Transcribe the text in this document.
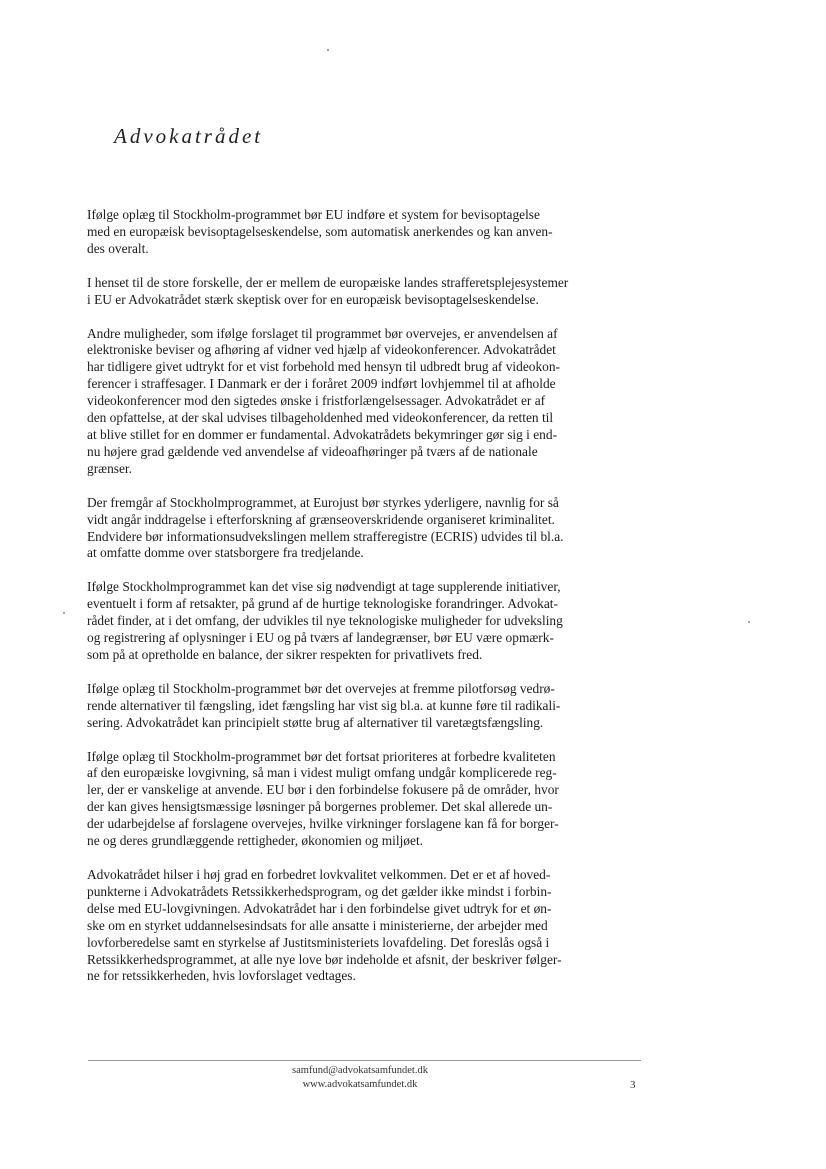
Advokatrådet

Ifølge oplæg til Stockholm-programmet bør EU indføre et system for bevisoptagelse
med en europæisk bevisoptagelseskendelse, som automatisk anerkendes og kan anven-
des overalt.

I henset til de store forskelle, der er mellem de europæiske landes strafferetsplejesystemer
i EU er Advokatrådet stærk skeptisk over for en europæisk bevisoptagelseskendelse.

Andre muligheder, som ifølge forslaget til programmet bør overvejes, er anvendelsen af
elektroniske beviser og afhøring af vidner ved hjælp af videokonferencer. Advokatrådet
har tidligere givet udtrykt for et vist forbehold med hensyn til udbredt brug af videokon-
ferencer i straffesager. I Danmark er der i foråret 2009 indført lovhjemmel til at afholde
videokonferencer mod den sigtedes ønske i fristforlængelsessager. Advokatrådet er af
den opfattelse, at der skal udvises tilbageholdenhed med videokonferencer, da retten til
at blive stillet for en dommer er fundamental. Advokatrådets bekymringer gør sig i end-
nu højere grad gældende ved anvendelse af videoafhøringer på tværs af de nationale
grænser.

Der fremgår af Stockholmprogrammet, at Eurojust bør styrkes yderligere, navnlig for så
vidt angår inddragelse i efterforskning af grænseoverskridende organiseret kriminalitet.
Endvidere bør informationsudvekslingen mellem strafferegistre (ECRIS) udvides til bl.a.
at omfatte domme over statsborgere fra tredjelande.

Ifølge Stockholmprogrammet kan det vise sig nødvendigt at tage supplerende initiativer,
eventuelt i form af retsakter, på grund af de hurtige teknologiske forandringer. Advokat-
rådet finder, at i det omfang, der udvikles til nye teknologiske muligheder for udveksling
og registrering af oplysninger i EU og på tværs af landegrænser, bør EU være opmærk-
som på at opretholde en balance, der sikrer respekten for privatlivets fred.

Ifølge oplæg til Stockholm-programmet bør det overvejes at fremme pilotforsøg vedrø-
rende alternativer til fængsling, idet fængsling har vist sig bl.a. at kunne føre til radikali-
sering. Advokatrådet kan principielt støtte brug af alternativer til varetægtsfængsling.

Ifølge oplæg til Stockholm-programmet bør det fortsat prioriteres at forbedre kvaliteten
af den europæiske lovgivning, så man i videst muligt omfang undgår komplicerede reg-
ler, der er vanskelige at anvende. EU bør i den forbindelse fokusere på de områder, hvor
der kan gives hensigtsmæssige løsninger på borgernes problemer. Det skal allerede un-
der udarbejdelse af forslagene overvejes, hvilke virkninger forslagene kan få for borger-
ne og deres grundlæggende rettigheder, økonomien og miljøet.

Advokatrådet hilser i høj grad en forbedret lovkvalitet velkommen. Det er et af hoved-
punkterne i Advokatrådets Retssikkerhedsprogram, og det gælder ikke mindst i forbin-
delse med EU-lovgivningen. Advokatrådet har i den forbindelse givet udtryk for et øn-
ske om en styrket uddannelsesindsats for alle ansatte i ministerierne, der arbejder med
lovforberedelse samt en styrkelse af Justitsministeriets lovafdeling. Det foreslås også i
Retssikkerhedsprogrammet, at alle nye love bør indeholde et afsnit, der beskriver følger-
ne for retssikkerheden, hvis lovforslaget vedtages.

samfund@advokatsamfundet.dk
www.advokatsamfundet.dk	3
